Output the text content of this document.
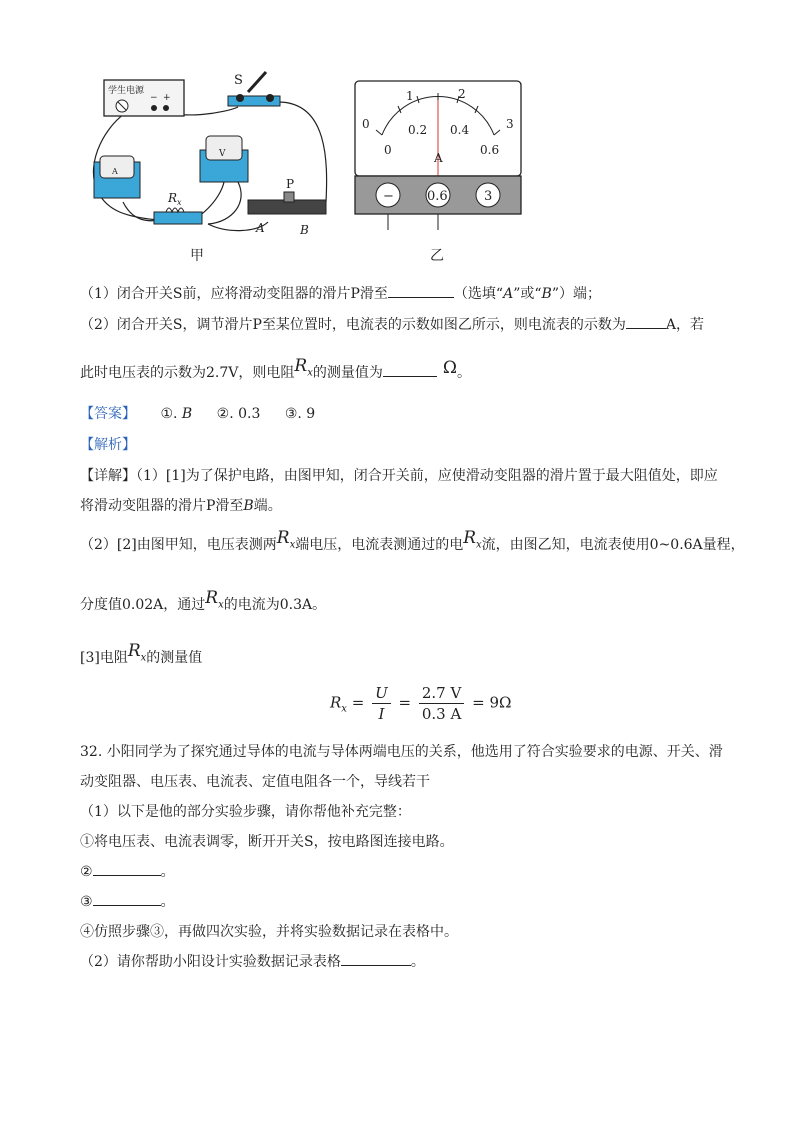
学生电源
− +
S
A
V
R x
P
A	B
甲
0
1	2
3
0
0.2 0.4
0.6
A
−	0.6	3
乙
（1）闭合开关S前，应将滑动变阻器的滑片P滑至	（选填“A”或“B”）端；
（2）闭合开关S，调节滑片P至某位置时，电流表的示数如图乙所示，则电流表的示数为	A，若
此时电压表的示数为2.7V，则电阻$R_x$的测量值为	Ω。
【答案】 ①. B ②. 0.3 ③. 9
【解析】
【详解】（1）[1]为了保护电路，由图甲知，闭合开关前，应使滑动变阻器的滑片置于最大阻值处，即应
将滑动变阻器的滑片P滑至B端。
（2）[2]由图甲知，电压表测两$R_x$端电压，电流表测通过的电$R_x$流，由图乙知，电流表使用0~0.6A量程，
分度值0.02A，通过$R_x$的电流为0.3A。
[3]电阻$R_x$的测量值
$R_x = \frac{U}{I} = \frac{2.7 V}{0.3 A} = 9\Omega$
32. 小阳同学为了探究通过导体的电流与导体两端电压的关系，他选用了符合实验要求的电源、开关、滑
动变阻器、电压表、电流表、定值电阻各一个，导线若干
（1）以下是他的部分实验步骤，请你帮他补充完整：
①将电压表、电流表调零，断开开关S，按电路图连接电路。
②	。
③	。
④仿照步骤③，再做四次实验，并将实验数据记录在表格中。
（2）请你帮助小阳设计实验数据记录表格	。
